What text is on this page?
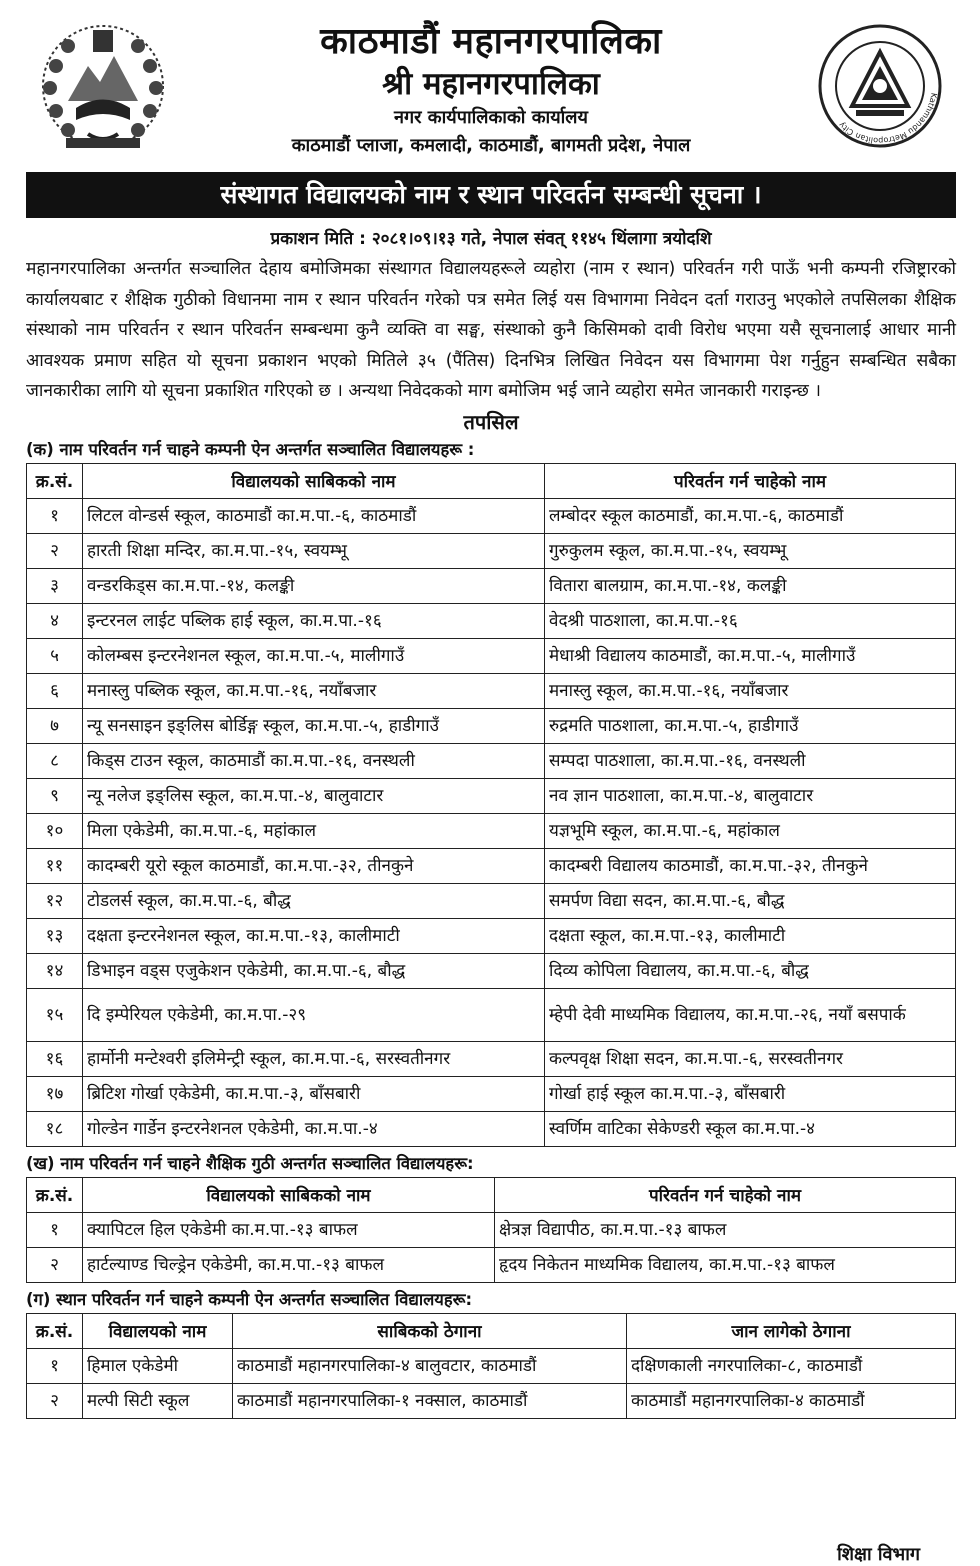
काठमाडौं महानगरपालिका
श्री महानगरपालिका
नगर कार्यपालिकाको कार्यालय
काठमाडौं प्लाजा, कमलादी, काठमाडौं, बागमती प्रदेश, नेपाल
Kathmandu Metropolitan City
संस्थागत विद्यालयको नाम र स्थान परिवर्तन सम्बन्धी सूचना ।
प्रकाशन मिति : २०८१।०९।१३ गते, नेपाल संवत् ११४५ थिंलागा त्रयोदशि
महानगरपालिका अन्तर्गत सञ्चालित देहाय बमोजिमका संस्थागत विद्यालयहरूले व्यहोरा (नाम र स्थान) परिवर्तन गरी पाऊँ भनी कम्पनी रजिष्ट्रारको कार्यालयबाट र शैक्षिक गुठीको विधानमा नाम र स्थान परिवर्तन गरेको पत्र समेत लिई यस विभागमा निवेदन दर्ता गराउनु भएकोले तपसिलका शैक्षिक संस्थाको नाम परिवर्तन र स्थान परिवर्तन सम्बन्धमा कुनै व्यक्ति वा सङ्घ, संस्थाको कुनै किसिमको दावी विरोध भएमा यसै सूचनालाई आधार मानी आवश्यक प्रमाण सहित यो सूचना प्रकाशन भएको मितिले ३५ (पैंतिस) दिनभित्र लिखित निवेदन यस विभागमा पेश गर्नुहुन सम्बन्धित सबैका जानकारीका लागि यो सूचना प्रकाशित गरिएको छ । अन्यथा निवेदकको माग बमोजिम भई जाने व्यहोरा समेत जानकारी गराइन्छ ।
तपसिल
(क) नाम परिवर्तन गर्न चाहने कम्पनी ऐन अन्तर्गत सञ्चालित विद्यालयहरू :
क्र.सं.	विद्यालयको साबिकको नाम	परिवर्तन गर्न चाहेको नाम
१	लिटल वोन्डर्स स्कूल, काठमाडौं का.म.पा.-६, काठमाडौं	लम्बोदर स्कूल काठमाडौं, का.म.पा.-६, काठमाडौं
२	हारती शिक्षा मन्दिर, का.म.पा.-१५, स्वयम्भू	गुरुकुलम स्कूल, का.म.पा.-१५, स्वयम्भू
३	वन्डरकिड्स का.म.पा.-१४, कलङ्की	वितारा बालग्राम, का.म.पा.-१४, कलङ्की
४	इन्टरनल लाईट पब्लिक हाई स्कूल, का.म.पा.-१६	वेदश्री पाठशाला, का.म.पा.-१६
५	कोलम्बस इन्टरनेशनल स्कूल, का.म.पा.-५, मालीगाउँ	मेधाश्री विद्यालय काठमाडौं, का.म.पा.-५, मालीगाउँ
६	मनास्लु पब्लिक स्कूल, का.म.पा.-१६, नयाँबजार	मनास्लु स्कूल, का.म.पा.-१६, नयाँबजार
७	न्यू सनसाइन इङ्लिस बोर्डिङ्ग स्कूल, का.म.पा.-५, हाडीगाउँ	रुद्रमति पाठशाला, का.म.पा.-५, हाडीगाउँ
८	किड्स टाउन स्कूल, काठमाडौं का.म.पा.-१६, वनस्थली	सम्पदा पाठशाला, का.म.पा.-१६, वनस्थली
९	न्यू नलेज इङ्लिस स्कूल, का.म.पा.-४, बालुवाटार	नव ज्ञान पाठशाला, का.म.पा.-४, बालुवाटार
१०	मिला एकेडेमी, का.म.पा.-६, महांकाल	यज्ञभूमि स्कूल, का.म.पा.-६, महांकाल
११	कादम्बरी यूरो स्कूल काठमाडौं, का.म.पा.-३२, तीनकुने	कादम्बरी विद्यालय काठमाडौं, का.म.पा.-३२, तीनकुने
१२	टोडलर्स स्कूल, का.म.पा.-६, बौद्ध	समर्पण विद्या सदन, का.म.पा.-६, बौद्ध
१३	दक्षता इन्टरनेशनल स्कूल, का.म.पा.-१३, कालीमाटी	दक्षता स्कूल, का.म.पा.-१३, कालीमाटी
१४	डिभाइन वड्स एजुकेशन एकेडेमी, का.म.पा.-६, बौद्ध	दिव्य कोपिला विद्यालय, का.म.पा.-६, बौद्ध
१५	दि इम्पेरियल एकेडेमी, का.म.पा.-२९	म्हेपी देवी माध्यमिक विद्यालय, का.म.पा.-२६, नयाँ बसपार्क
१६	हार्मोनी मन्टेश्वरी इलिमेन्ट्री स्कूल, का.म.पा.-६, सरस्वतीनगर	कल्पवृक्ष शिक्षा सदन, का.म.पा.-६, सरस्वतीनगर
१७	ब्रिटिश गोर्खा एकेडेमी, का.म.पा.-३, बाँसबारी	गोर्खा हाई स्कूल का.म.पा.-३, बाँसबारी
१८	गोल्डेन गार्डेन इन्टरनेशनल एकेडेमी, का.म.पा.-४	स्वर्णिम वाटिका सेकेण्डरी स्कूल का.म.पा.-४
(ख) नाम परिवर्तन गर्न चाहने शैक्षिक गुठी अन्तर्गत सञ्चालित विद्यालयहरू:
क्र.सं.	विद्यालयको साबिकको नाम	परिवर्तन गर्न चाहेको नाम
१	क्यापिटल हिल एकेडेमी का.म.पा.-१३ बाफल	क्षेत्रज्ञ विद्यापीठ, का.म.पा.-१३ बाफल
२	हार्टल्याण्ड चिल्ड्रेन एकेडेमी, का.म.पा.-१३ बाफल	हृदय निकेतन माध्यमिक विद्यालय, का.म.पा.-१३ बाफल
(ग) स्थान परिवर्तन गर्न चाहने कम्पनी ऐन अन्तर्गत सञ्चालित विद्यालयहरू:
क्र.सं.	विद्यालयको नाम	साबिकको ठेगाना	जान लागेको ठेगाना
१	हिमाल एकेडेमी	काठमाडौं महानगरपालिका-४ बालुवटार, काठमाडौं	दक्षिणकाली नगरपालिका-८, काठमाडौं
२	मल्पी सिटी स्कूल	काठमाडौं महानगरपालिका-१ नक्साल, काठमाडौं	काठमाडौं महानगरपालिका-४ काठमाडौं
शिक्षा विभाग
